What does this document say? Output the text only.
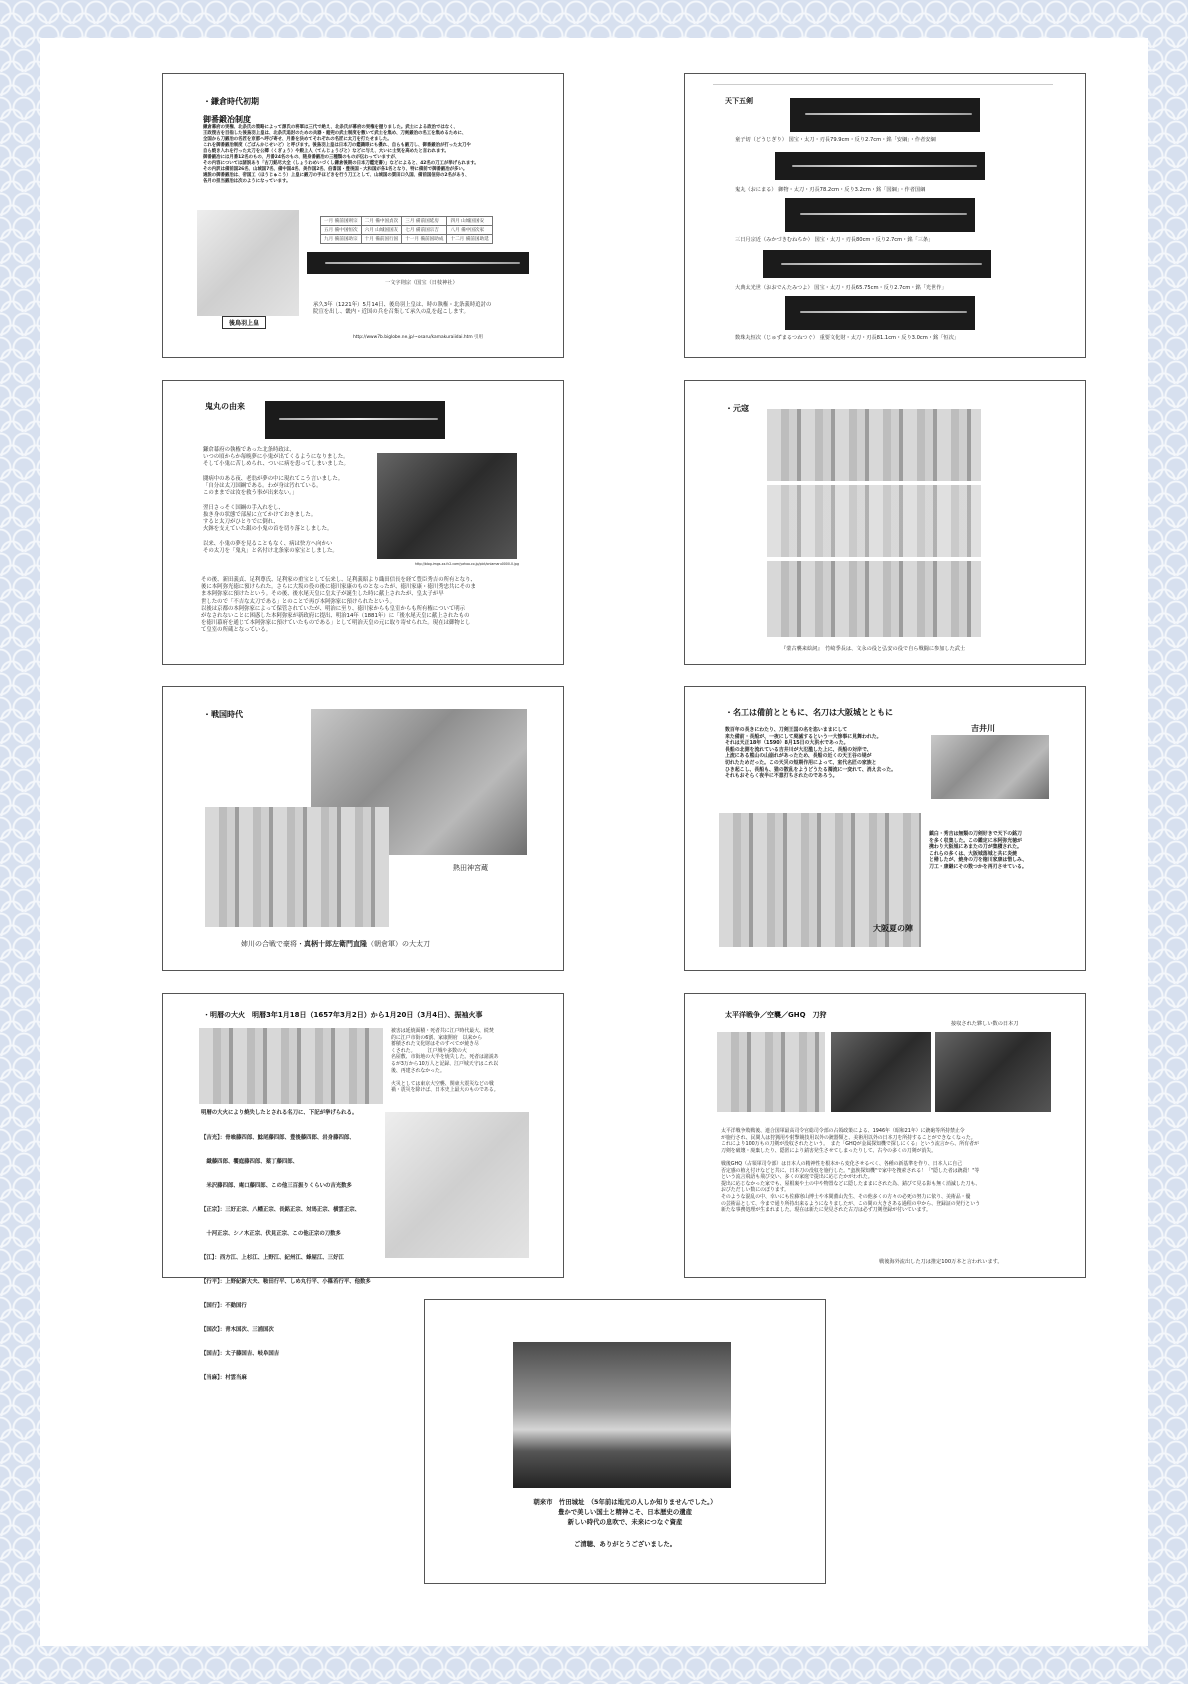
・鎌倉時代初期
御番鍛冶制度
鎌倉幕府の実権、北条氏の策略によって源氏の将軍は三代で絶え、北条氏が幕府の実権を握りました。武士による政治ではなく、
王政復古を目指した後鳥羽上皇は、北条氏追討のための兵器・鎧兜の武士制度を敷いて武士を集め、刀剣鍛冶の名工を集めるために、
全国から刀鍛冶の名匠を京都へ呼び寄せ、月番を決めてそれぞれの名匠に太刀を打たせました。
これを御番鍛冶制度（ごばんかじせいど）と呼びます。後鳥羽上皇は日本刀の鑑識眼にも優れ、自らも鍛刀し、御番鍛冶が打った太刀や
自ら焼き入れを行った太刀を公卿（くぎょう）や殿上人（てんじょうびと）などに与え、大いに士気を高めたと言われます。
御番鍛冶には月番12名のもの、月番24名のもの、随身番鍛冶の三種類のものが伝わっていますが、
その内容については諸説あり「古刀銘尽大全（しょうわめいづくし鎌倉後期の日本刀鑑定書）」などによると、42名の刀工が挙げられます。
その内訳は備前国26名、山城国7名、備中国4名、美作国2名、伯耆国・豊後国・大和国が各1名となり、特に備前で御番鍛冶が多い。
通説の御番鍛冶は、帝国工（ほうじゅこう）上皇に鍛刀の手ほどきを行う刀工として、山城国の粟田口久国、備前国信房の2名があり、
各月の担当鍛冶は次のようになっています。
後鳥羽上皇
一月 備前国則宗	二月 備中国貞次	三月 備前国延房	四月 山城国国安
五月 備中国恒次	六月 山城国国友	七月 備前国宗吉	八月 備中国次家
九月 備前国助宗	十月 備前国行国	十一月 備前国助成	十二月 備前国助延
一文字則宗（国宝（日枝神社）
承久3年（1221年）5月14日、後鳥羽上皇は、時の執権・北条義時追討の
院宣を出し、畿内・近国の兵を召集して承久の乱を起こします。
http://www7b.biglobe.ne.jp/~osaru/kamakuraiidai.htm 引用
天下五剣
童子切（どうじぎり） 国宝・太刀・刃長79.9cm・反り2.7cm・銘「安綱」・作者安綱
鬼丸（おにまる） 御物・太刀・刃長78.2cm・反り3.2cm・銘「国綱」・作者国綱
三日月宗近（みかづきむねちか） 国宝・太刀・刃長80cm・反り2.7cm・銘「三条」
大典太光世（おおでんたみつよ） 国宝・太刀・刃長65.75cm・反り2.7cm・銘「光世作」
数珠丸恒次（じゅずまるつねつぐ） 重要文化財・太刀・刃長81.1cm・反り3.0cm・銘「恒次」
鬼丸の由来
鎌倉幕府の執権であった北条時政は、
いつの頃からか毎晩夢に小鬼が出てくるようになりました。
そして小鬼に苦しめられ、ついに病を患ってしまいました。

闘病中のある夜、老翁が夢の中に現れてこう言いました。
「自分は太刀国綱である。わが身は汚れている。
このままでは汝を救う事が出来ない。」

翌日さっそく国綱の手入れをし、
抜き身の状態で部屋に立てかけておきました。
すると太刀がひとりでに倒れ、
火鉢を支えていた銀の小鬼の首を切り落としました。

以来、小鬼の夢を見ることもなく、病は快方へ向かい
その太刀を「鬼丸」と名付け北条家の家宝としました。
http://blog-imgs-xx.fc2.com/yahoo.co.jp/pict/oniamaru0000-0.jpg
その後、新田義貞、足利尊氏、足利家の重宝として伝来し、足利義昭より織田信長を経て豊臣秀吉の所有となり、
後に本阿弥光徳に預けられた。さらに大坂の役の後に徳川家康のものとなったが、徳川家康・徳川秀忠共にそのま
ま本阿弥家に預けたという。その後、後水尾天皇に皇太子が誕生した時に献上されたが、皇太子が早
世したので「不吉な太刀である」とのことで再び本阿弥家に預けられたという。
以後は京都の本阿弥家によって保管されていたが、明治に至り、徳川家からも皇室からも所有権について明示
がなされないことに困惑した本阿弥家が新政府に提出、明治14年（1881年）に「後水尾天皇に献上されたもの
を徳川幕府を通じて本阿弥家に預けていたものである」として明治天皇の元に取り寄せられた。現在は御物とし
て皇室の所蔵となっている。
・元寇
『蒙古襲来絵詞』　竹崎季長は、文永の役と弘安の役で自ら戦闘に参加した武士
・戦国時代
熱田神宮蔵
姉川の合戦で豪将・真柄十郎左衛門直隆（朝倉軍）の大太刀
・名工は備前とともに、名刀は大阪城とともに
数百年の長きにわたり、刀剣王国の名を恣いままにして
来た備前・長船が、一夜にして廃滅するという一大惨事に見舞われた。
それは天正18年（1590）8月15日の大洪水であった。
長船の北側を流れている吉井川が大氾濫した上に、長船の対岸で、
上流にある熊山の山崩れがあったため、長船の近くの天王谷の堤が
切れたためだった。この天災の短期作用によって、室代名匠の家族と
ひき起こし、長船も、猫の散乱をようどうたる濁流に一変れて、消え去った。
それもおそらく夜半に不意打ちされたのであろう。
吉井川
鎮白・秀吉は無類の刀剣好きで天下の銘刀
を多く収集した。この鑑定に本阿弥光徳が
携わり大阪城にあまたの刀が集積された。
これらの多くは、大阪城落城と共に炎焼
と帰したが、焼身の刀を徳川家康は惜しみ、
刀工・康継にその数つかを再刃させている。
大阪夏の陣
・明暦の大火　明暦3年1月18日（1657年3月2日）から1月20日（3月4日）、振袖火事
被害は延焼面積・死者共に江戸時代最大、続焚
的に江戸市街の6割、家康開府　以来から
蓄積された文化財はそのすべてが焼き尽
くされた。　　　江戸城や多数の大
名屋敷、市街地の大半を焼失した。死者は諸説あ
るが3万から10万人と記録、江戸城天守はこれ以
後、再建されなかった。

火災としては東京大空襲、関東大震災などの戦
禍・震災を除けば、日本史上最大のものである。
明暦の大火により焼失したとされる名刀に、下記が挙げられる。

【吉光】：骨喰藤四郎、鯰尾藤四郎、豊後藤四郎、岩身藤四郎、

　織藤四郎、饗庭藤四郎、薬丁藤四郎、

　米沢藤四郎、庵口藤四郎、この他三百振りくらいの吉光数多

【正宗】：三好正宗、八幡正宗、長銘正宗、対馬正宗、横雲正宗、

　十河正宗、シノ木正宗、伏見正宗、この他正宗の刀数多

【江】：西方江、上杉江、上野江、紀州江、蜂屋江、三好江

【行平】：上野紀新大夫、鞍田行平、しめ丸行平、小篠若行平、他数多

【国行】：不動国行

【国次】：青木国次、三浦国次

【国吉】：太子藤国吉、岐阜国吉

【当麻】：村雲当麻

太平洋戦争／空襲／GHQ　刀狩
接収された夥しい数の日本刀
太平洋戦争敗戦後、連合国軍最高司令官総司令部の占領政策による、1946年（昭和21年）に銃砲等所持禁止令
が施行され、民間人は狩猟用や射撃競技用以外の銃器類と、美術用以外の日本刀を所持することができなくなった。
これにより100万もの刀剣が没収されたという。　また「GHQが金属探知機で探しにくる」という流言から、所有者が
刀剣を破壊・廃棄したり、隠匿により錆害発生させてしまったりして、古今の多くの刀剣が消失。

戦後GHQ（占領軍司令部）は日本人の精神性を根本から変化させるべく、各種の新基準を作り、日本人に自己
否定感の植え付けなどと共に、日本刀の没収を施行した。"蛮族探知機"で家中を捜索される！「"隠した者は銃殺！"等
という流言飛語も飛び交い、多くの家庭で提出に応じたかがわれた。
提出に応じなかった家でも、屋根裏や土の中や物置などに隠したままにされた為、錆びて見る影も無く消滅した刀も、
おびただしい数にのぼります。
そのような混乱の中、幸いにも佐藤寒山博士や本間薫山先生、その他多くの方々の必死の努力に依り、美術品・優
の芸術品として、今まで通り所持出来るようになりましたが、この間の大きさある過程の中から、登録証の発行という
新たな事務処理が生まれました。現在は新たに発見された古刀は必ず刀剣登録が付いています。
戦後海外流出した刀は推定100万本と言われいます。
朝来市　竹田城址　（5年前は地元の人しか知りませんでした。）
豊かで美しい国土と精神こそ、日本歴史の遺産
新しい時代の息吹で、未来につなぐ資産
ご清聴、ありがとうございました。
